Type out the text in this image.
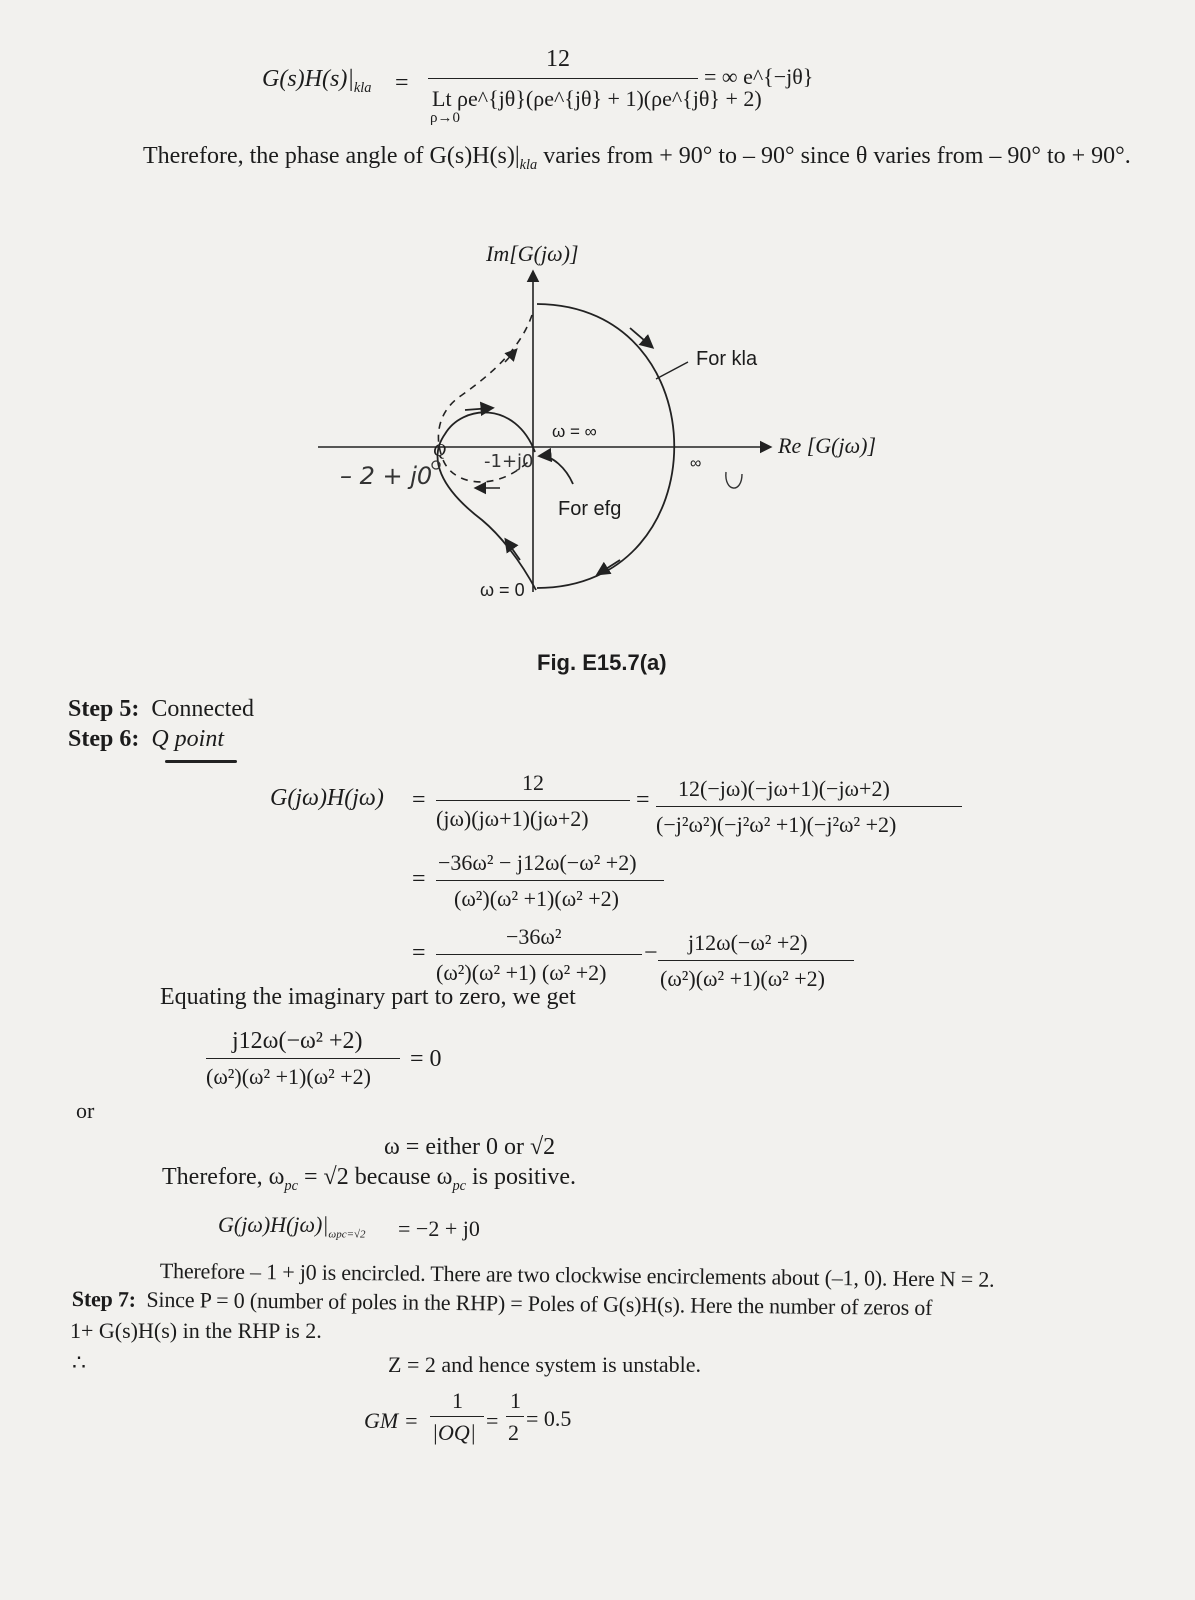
$G(s)H(s)|_{kla}$ =
12
Lt ρe^{jθ}(ρe^{jθ} + 1)(ρe^{jθ} + 2)
ρ→0
= ∞ e^{−jθ}
Therefore, the phase angle of $G(s)H(s)|_{kla}$ varies from + 90° to – 90° since θ varies from – 90° to + 90°.
Im[G(jω)]
Re [G(jω)]
For kla
For efg
ω = ∞
ω = 0
∞
Q
– 2 + j0
-1+j0
Fig. E15.7(a)
Step 5: Connected
Step 6: Q point
G(jω)H(jω) =
12
(jω)(jω+1)(jω+2)
= 12(−jω)(−jω+1)(−jω+2)
(−j²ω²)(−j²ω² +1)(−j²ω² +2)
=
−36ω² − j12ω(−ω² +2)
(ω²)(ω² +1)(ω² +2)
=
−36ω²
(ω²)(ω² +1) (ω² +2)
− j12ω(−ω² +2)
(ω²)(ω² +1)(ω² +2)
Equating the imaginary part to zero, we get
j12ω(−ω² +2)
(ω²)(ω² +1)(ω² +2)
= 0
or
ω = either 0 or √2
Therefore, $\omega_{pc} = √2$ because $\omega_{pc}$ is positive.
$G(j\omega)H(j\omega)|_{\omega pc=√2} = -2 + j0$
Therefore – 1 + j0 is encircled. There are two clockwise encirclements about (–1, 0). Here N = 2.
Step 7: Since P = 0 (number of poles in the RHP) = Poles of G(s)H(s). Here the number of zeros of
1+ G(s)H(s) in the RHP is 2.
∴	Z = 2 and hence system is unstable.
GM =
1
|OQ| =
1
2
= 0.5
